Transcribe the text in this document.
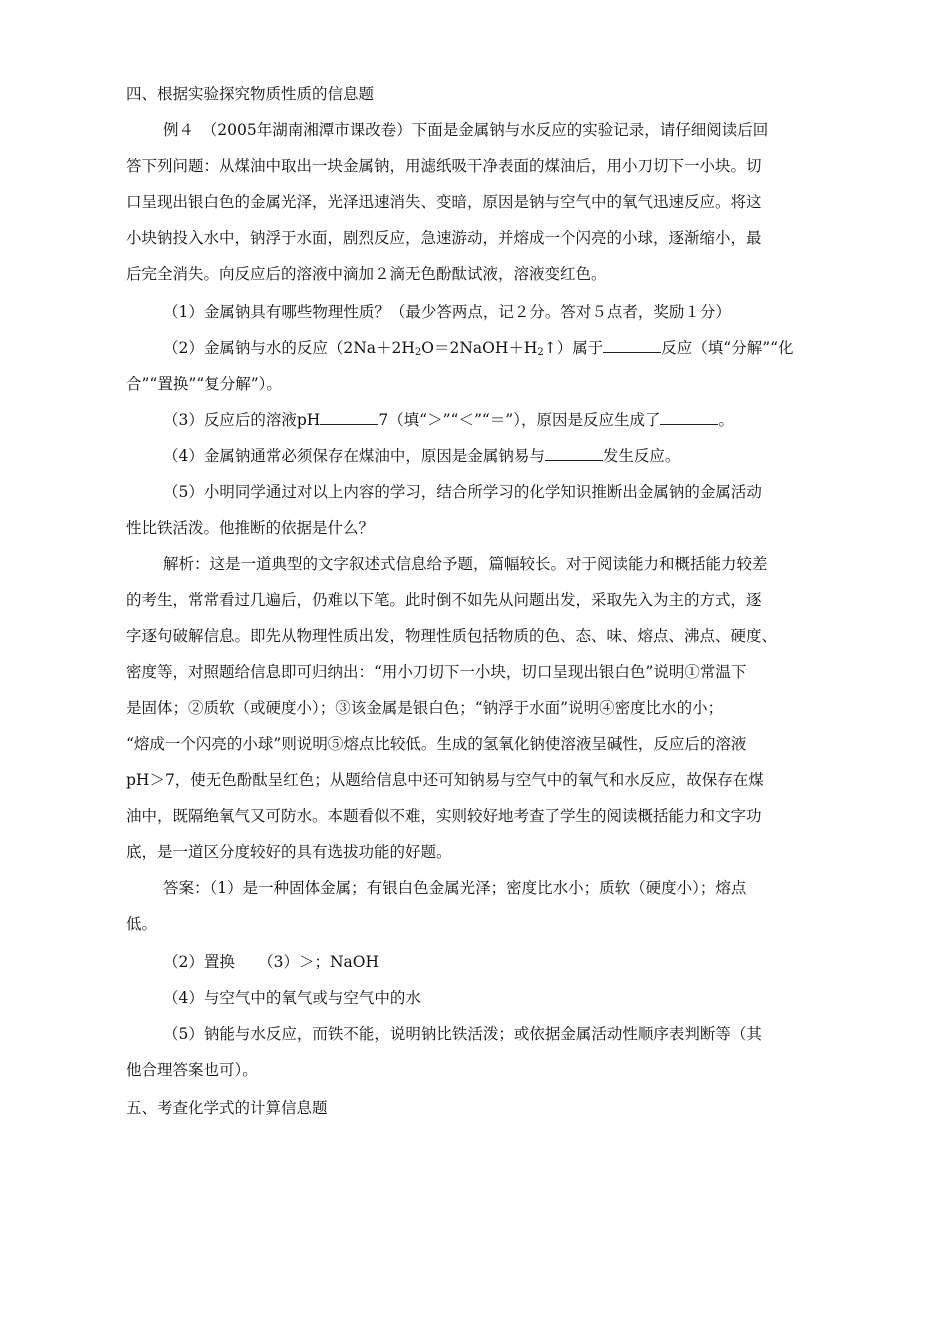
四、根据实验探究物质性质的信息题
例４　（2005年湖南湘潭市课改卷）下面是金属钠与水反应的实验记录，请仔细阅读后回
答下列问题：从煤油中取出一块金属钠，用滤纸吸干净表面的煤油后，用小刀切下一小块。切
口呈现出银白色的金属光泽，光泽迅速消失、变暗，原因是钠与空气中的氧气迅速反应。将这
小块钠投入水中，钠浮于水面，剧烈反应，急速游动，并熔成一个闪亮的小球，逐渐缩小，最
后完全消失。向反应后的溶液中滴加２滴无色酚酞试液，溶液变红色。
（1）金属钠具有哪些物理性质？（最少答两点，记２分。答对５点者，奖励１分）
（2）金属钠与水的反应$(2Na+2H_2O=2NaOH+H_2↑)$属于	反应（填“分解”“化
合”“置换”“复分解”）。
（3）反应后的溶液pH	7（填“＞”“＜”“＝”），原因是反应生成了	。
（4）金属钠通常必须保存在煤油中，原因是金属钠易与	发生反应。
（5）小明同学通过对以上内容的学习，结合所学习的化学知识推断出金属钠的金属活动
性比铁活泼。他推断的依据是什么？
解析：这是一道典型的文字叙述式信息给予题，篇幅较长。对于阅读能力和概括能力较差
的考生，常常看过几遍后，仍难以下笔。此时倒不如先从问题出发，采取先入为主的方式，逐
字逐句破解信息。即先从物理性质出发，物理性质包括物质的色、态、味、熔点、沸点、硬度、
密度等，对照题给信息即可归纳出：“用小刀切下一小块，切口呈现出银白色”说明①常温下
是固体；②质软（或硬度小）；③该金属是银白色；“钠浮于水面”说明④密度比水的小；
“熔成一个闪亮的小球”则说明⑤熔点比较低。生成的氢氧化钠使溶液呈碱性，反应后的溶液
pH＞7，使无色酚酞呈红色；从题给信息中还可知钠易与空气中的氧气和水反应，故保存在煤
油中，既隔绝氧气又可防水。本题看似不难，实则较好地考查了学生的阅读概括能力和文字功
底，是一道区分度较好的具有选拔功能的好题。
答案：（1）是一种固体金属；有银白色金属光泽；密度比水小；质软（硬度小）；熔点
低。
（2）置换　　（3）＞；NaOH
（4）与空气中的氧气或与空气中的水
（5）钠能与水反应，而铁不能，说明钠比铁活泼；或依据金属活动性顺序表判断等（其
他合理答案也可）。
五、考查化学式的计算信息题
